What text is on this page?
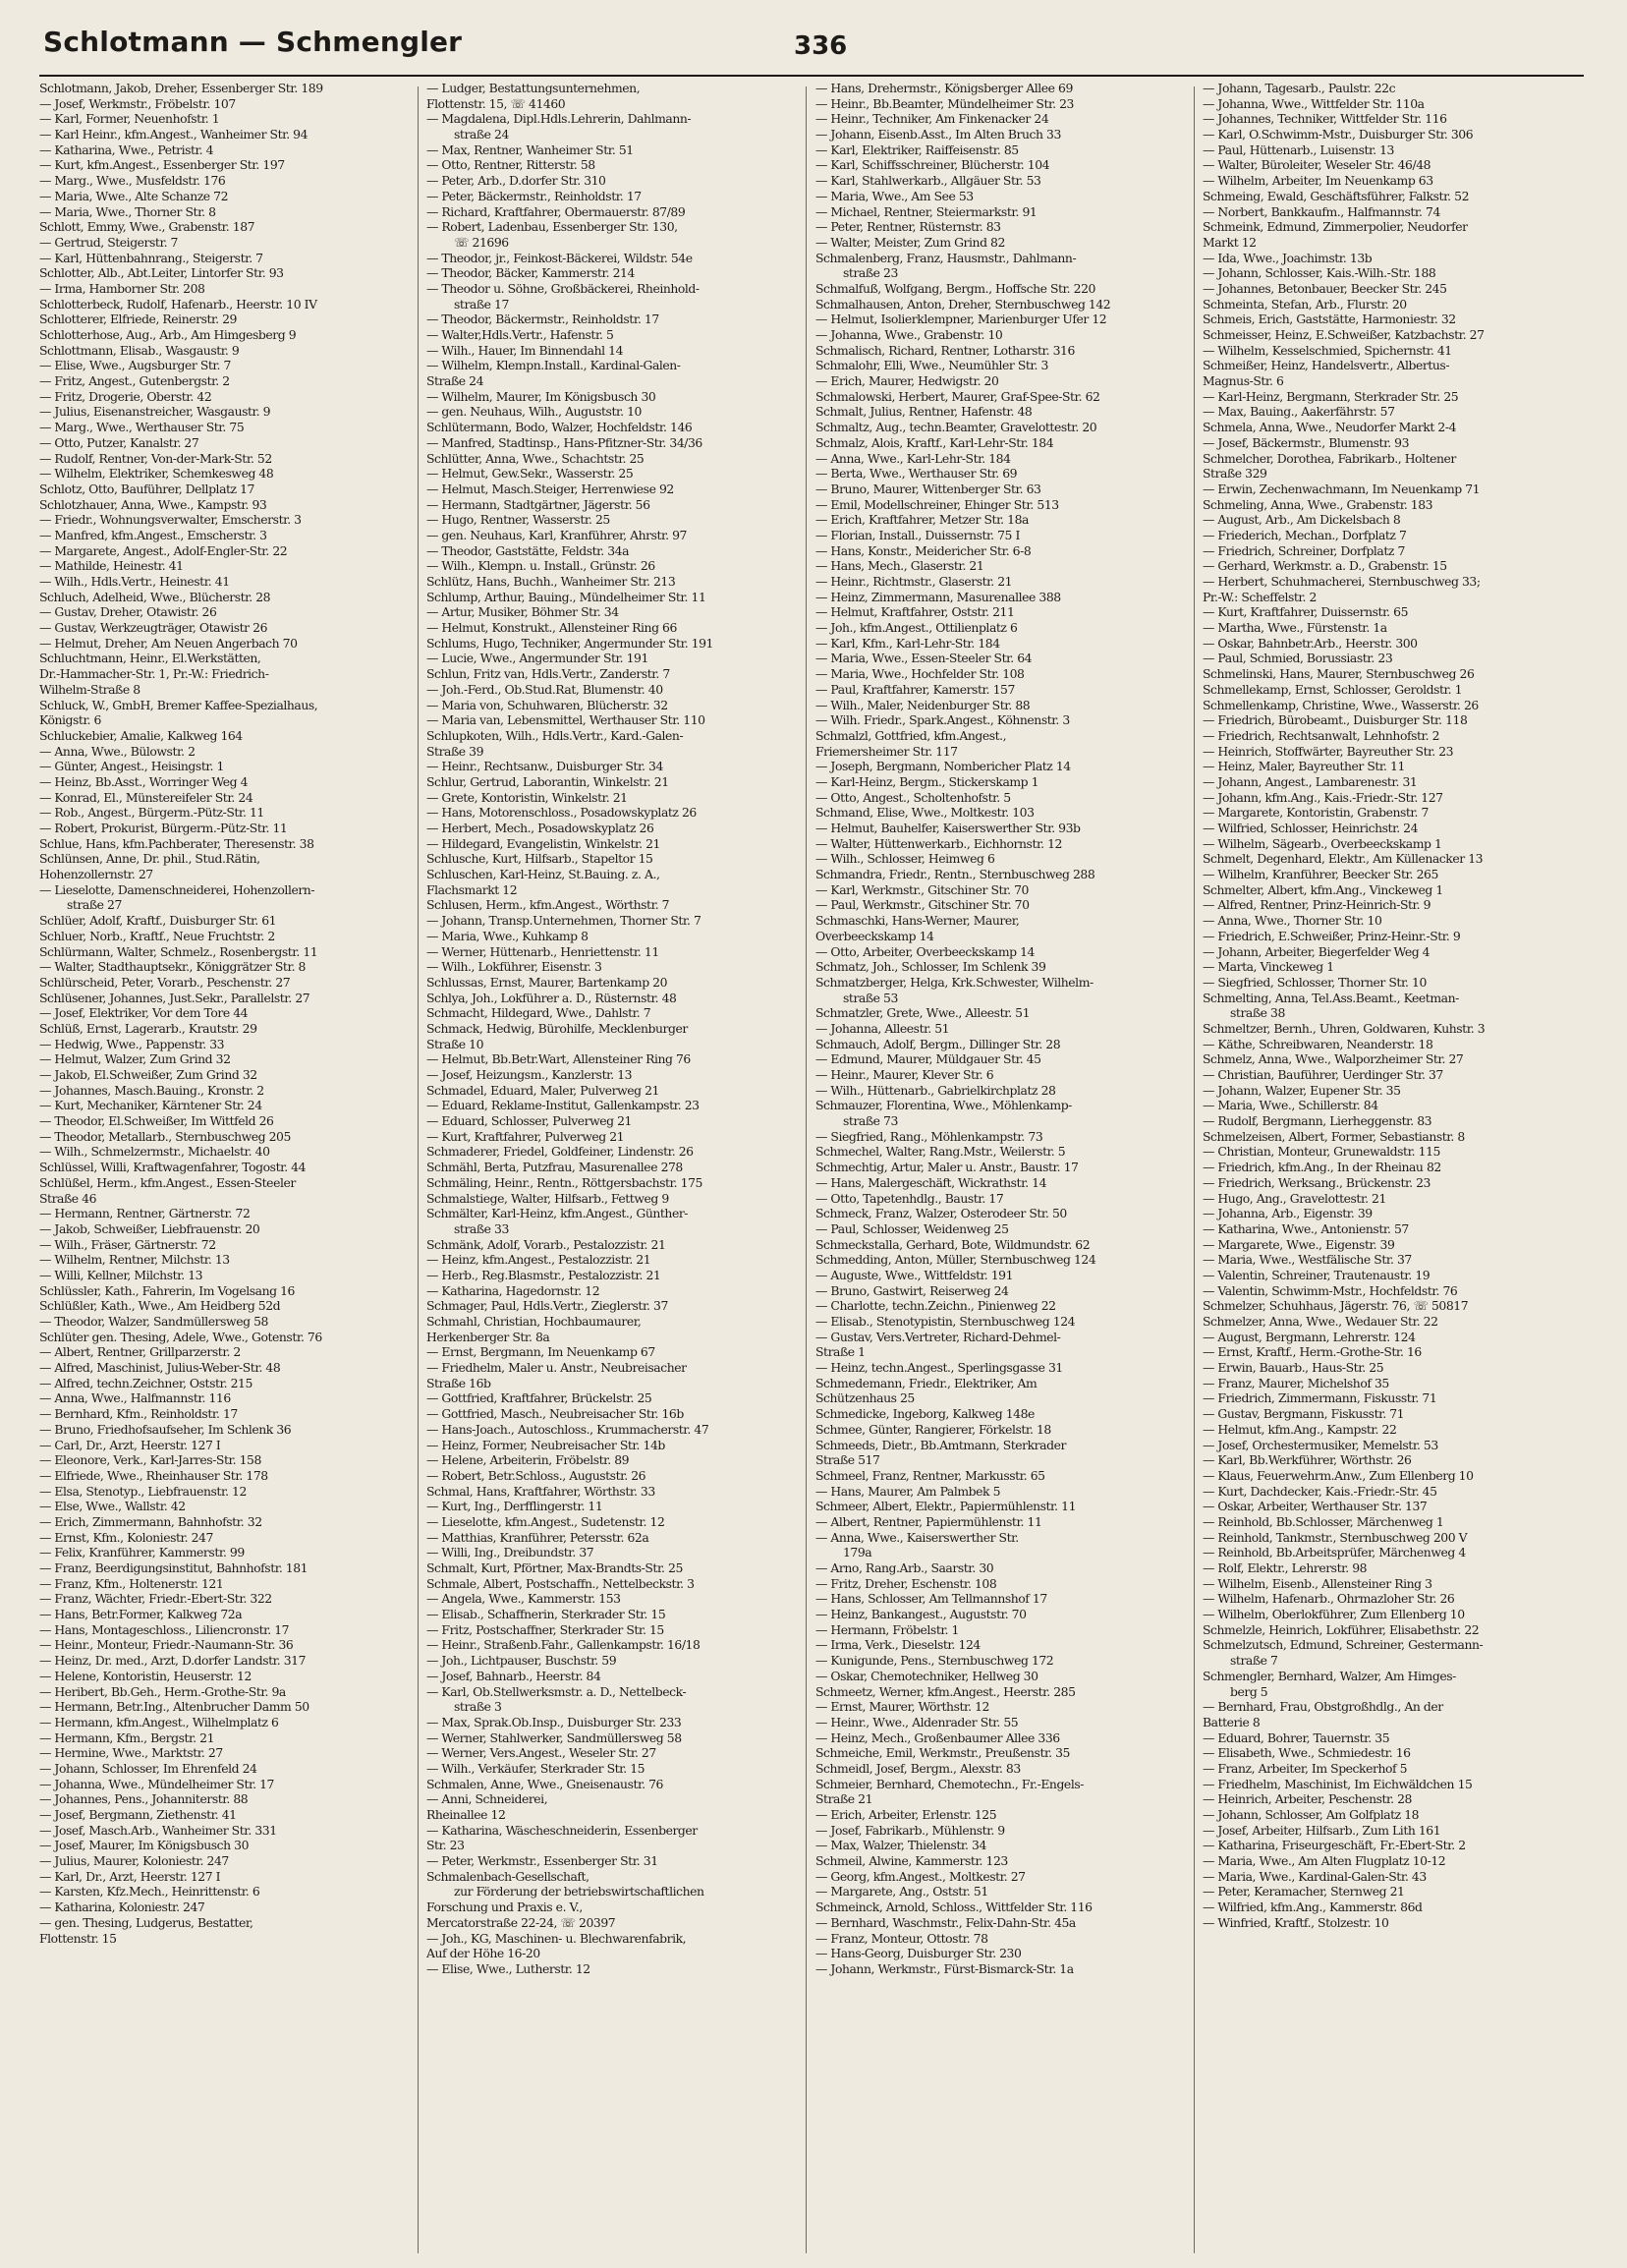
Schlotmann — Schmengler	336
Schlotmann, Jakob, Dreher, Essenberger Str. 189
— Josef, Werkmstr., Fröbelstr. 107
— Karl, Former, Neuenhofstr. 1
— Karl Heinr., kfm.Angest., Wanheimer Str. 94
— Katharina, Wwe., Petristr. 4
— Kurt, kfm.Angest., Essenberger Str. 197
— Marg., Wwe., Musfeldstr. 176
— Maria, Wwe., Alte Schanze 72
— Maria, Wwe., Thorner Str. 8
Schlott, Emmy, Wwe., Grabenstr. 187
— Gertrud, Steigerstr. 7
— Karl, Hüttenbahnrang., Steigerstr. 7
Schlotter, Alb., Abt.Leiter, Lintorfer Str. 93
— Irma, Hamborner Str. 208
Schlotterbeck, Rudolf, Hafenarb., Heerstr. 10 IV
Schlotterer, Elfriede, Reinerstr. 29
Schlotterhose, Aug., Arb., Am Himgesberg 9
Schlottmann, Elisab., Wasgaustr. 9
— Elise, Wwe., Augsburger Str. 7
— Fritz, Angest., Gutenbergstr. 2
— Fritz, Drogerie, Oberstr. 42
— Julius, Eisenanstreicher, Wasgaustr. 9
— Marg., Wwe., Werthauser Str. 75
— Otto, Putzer, Kanalstr. 27
— Rudolf, Rentner, Von-der-Mark-Str. 52
— Wilhelm, Elektriker, Schemkesweg 48
Schlotz, Otto, Bauführer, Dellplatz 17
Schlotzhauer, Anna, Wwe., Kampstr. 93
— Friedr., Wohnungsverwalter, Emscherstr. 3
— Manfred, kfm.Angest., Emscherstr. 3
— Margarete, Angest., Adolf-Engler-Str. 22
— Mathilde, Heinestr. 41
— Wilh., Hdls.Vertr., Heinestr. 41
Schluch, Adelheid, Wwe., Blücherstr. 28
— Gustav, Dreher, Otawistr. 26
— Gustav, Werkzeugträger, Otawistr 26
— Helmut, Dreher, Am Neuen Angerbach 70
Schluchtmann, Heinr., El.Werkstätten,
Dr.-Hammacher-Str. 1, Pr.-W.: Friedrich-
Wilhelm-Straße 8
Schluck, W., GmbH, Bremer Kaffee-Spezialhaus,
Königstr. 6
Schluckebier, Amalie, Kalkweg 164
— Anna, Wwe., Bülowstr. 2
— Günter, Angest., Heisingstr. 1
— Heinz, Bb.Asst., Worringer Weg 4
— Konrad, El., Münstereifeler Str. 24
— Rob., Angest., Bürgerm.-Pütz-Str. 11
— Robert, Prokurist, Bürgerm.-Pütz-Str. 11
Schlue, Hans, kfm.Pachberater, Theresenstr. 38
Schlünsen, Anne, Dr. phil., Stud.Rätin,
Hohenzollernstr. 27
— Lieselotte, Damenschneiderei, Hohenzollern-
straße 27
Schlüer, Adolf, Kraftf., Duisburger Str. 61
Schluer, Norb., Kraftf., Neue Fruchtstr. 2
Schlürmann, Walter, Schmelz., Rosenbergstr. 11
— Walter, Stadthauptsekr., Königgrätzer Str. 8
Schlürscheid, Peter, Vorarb., Peschenstr. 27
Schlüsener, Johannes, Just.Sekr., Parallelstr. 27
— Josef, Elektriker, Vor dem Tore 44
Schlüß, Ernst, Lagerarb., Krautstr. 29
— Hedwig, Wwe., Pappenstr. 33
— Helmut, Walzer, Zum Grind 32
— Jakob, El.Schweißer, Zum Grind 32
— Johannes, Masch.Bauing., Kronstr. 2
— Kurt, Mechaniker, Kärntener Str. 24
— Theodor, El.Schweißer, Im Wittfeld 26
— Theodor, Metallarb., Sternbuschweg 205
— Wilh., Schmelzermstr., Michaelstr. 40
Schlüssel, Willi, Kraftwagenfahrer, Togostr. 44
Schlüßel, Herm., kfm.Angest., Essen-Steeler
Straße 46
— Hermann, Rentner, Gärtnerstr. 72
— Jakob, Schweißer, Liebfrauenstr. 20
— Wilh., Fräser, Gärtnerstr. 72
— Wilhelm, Rentner, Milchstr. 13
— Willi, Kellner, Milchstr. 13
Schlüssler, Kath., Fahrerin, Im Vogelsang 16
Schlüßler, Kath., Wwe., Am Heidberg 52d
— Theodor, Walzer, Sandmüllersweg 58
Schlüter gen. Thesing, Adele, Wwe., Gotenstr. 76
— Albert, Rentner, Grillparzerstr. 2
— Alfred, Maschinist, Julius-Weber-Str. 48
— Alfred, techn.Zeichner, Oststr. 215
— Anna, Wwe., Halfmannstr. 116
— Bernhard, Kfm., Reinholdstr. 17
— Bruno, Friedhofsaufseher, Im Schlenk 36
— Carl, Dr., Arzt, Heerstr. 127 I
— Eleonore, Verk., Karl-Jarres-Str. 158
— Elfriede, Wwe., Rheinhauser Str. 178
— Elsa, Stenotyp., Liebfrauenstr. 12
— Else, Wwe., Wallstr. 42
— Erich, Zimmermann, Bahnhofstr. 32
— Ernst, Kfm., Koloniestr. 247
— Felix, Kranführer, Kammerstr. 99
— Franz, Beerdigungsinstitut, Bahnhofstr. 181
— Franz, Kfm., Holtenerstr. 121
— Franz, Wächter, Friedr.-Ebert-Str. 322
— Hans, Betr.Former, Kalkweg 72a
— Hans, Montageschloss., Liliencronstr. 17
— Heinr., Monteur, Friedr.-Naumann-Str. 36
— Heinz, Dr. med., Arzt, D.dorfer Landstr. 317
— Helene, Kontoristin, Heuserstr. 12
— Heribert, Bb.Geh., Herm.-Grothe-Str. 9a
— Hermann, Betr.Ing., Altenbrucher Damm 50
— Hermann, kfm.Angest., Wilhelmplatz 6
— Hermann, Kfm., Bergstr. 21
— Hermine, Wwe., Marktstr. 27
— Johann, Schlosser, Im Ehrenfeld 24
— Johanna, Wwe., Mündelheimer Str. 17
— Johannes, Pens., Johanniterstr. 88
— Josef, Bergmann, Ziethenstr. 41
— Josef, Masch.Arb., Wanheimer Str. 331
— Josef, Maurer, Im Königsbusch 30
— Julius, Maurer, Koloniestr. 247
— Karl, Dr., Arzt, Heerstr. 127 I
— Karsten, Kfz.Mech., Heinrittenstr. 6
— Katharina, Koloniestr. 247
— gen. Thesing, Ludgerus, Bestatter,
Flottenstr. 15
— Ludger, Bestattungsunternehmen,
Flottenstr. 15, ☏ 41460
— Magdalena, Dipl.Hdls.Lehrerin, Dahlmann-
straße 24
— Max, Rentner, Wanheimer Str. 51
— Otto, Rentner, Ritterstr. 58
— Peter, Arb., D.dorfer Str. 310
— Peter, Bäckermstr., Reinholdstr. 17
— Richard, Kraftfahrer, Obermauerstr. 87/89
— Robert, Ladenbau, Essenberger Str. 130,
☏ 21696
— Theodor, jr., Feinkost-Bäckerei, Wildstr. 54e
— Theodor, Bäcker, Kammerstr. 214
— Theodor u. Söhne, Großbäckerei, Rheinhold-
straße 17
— Theodor, Bäckermstr., Reinholdstr. 17
— Walter,Hdls.Vertr., Hafenstr. 5
— Wilh., Hauer, Im Binnendahl 14
— Wilhelm, Klempn.Install., Kardinal-Galen-
Straße 24
— Wilhelm, Maurer, Im Königsbusch 30
— gen. Neuhaus, Wilh., Auguststr. 10
Schlütermann, Bodo, Walzer, Hochfeldstr. 146
— Manfred, Stadtinsp., Hans-Pfitzner-Str. 34/36
Schlütter, Anna, Wwe., Schachtstr. 25
— Helmut, Gew.Sekr., Wasserstr. 25
— Helmut, Masch.Steiger, Herrenwiese 92
— Hermann, Stadtgärtner, Jägerstr. 56
— Hugo, Rentner, Wasserstr. 25
— gen. Neuhaus, Karl, Kranführer, Ahrstr. 97
— Theodor, Gaststätte, Feldstr. 34a
— Wilh., Klempn. u. Install., Grünstr. 26
Schlütz, Hans, Buchh., Wanheimer Str. 213
Schlump, Arthur, Bauing., Mündelheimer Str. 11
— Artur, Musiker, Böhmer Str. 34
— Helmut, Konstrukt., Allensteiner Ring 66
Schlums, Hugo, Techniker, Angermunder Str. 191
— Lucie, Wwe., Angermunder Str. 191
Schlun, Fritz van, Hdls.Vertr., Zanderstr. 7
— Joh.-Ferd., Ob.Stud.Rat, Blumenstr. 40
— Maria von, Schuhwaren, Blücherstr. 32
— Maria van, Lebensmittel, Werthauser Str. 110
Schlupkoten, Wilh., Hdls.Vertr., Kard.-Galen-
Straße 39
— Heinr., Rechtsanw., Duisburger Str. 34
Schlur, Gertrud, Laborantin, Winkelstr. 21
— Grete, Kontoristin, Winkelstr. 21
— Hans, Motorenschloss., Posadowskyplatz 26
— Herbert, Mech., Posadowskyplatz 26
— Hildegard, Evangelistin, Winkelstr. 21
Schlusche, Kurt, Hilfsarb., Stapeltor 15
Schluschen, Karl-Heinz, St.Bauing. z. A.,
Flachsmarkt 12
Schlusen, Herm., kfm.Angest., Wörthstr. 7
— Johann, Transp.Unternehmen, Thorner Str. 7
— Maria, Wwe., Kuhkamp 8
— Werner, Hüttenarb., Henriettenstr. 11
— Wilh., Lokführer, Eisenstr. 3
Schlussas, Ernst, Maurer, Bartenkamp 20
Schlya, Joh., Lokführer a. D., Rüsternstr. 48
Schmacht, Hildegard, Wwe., Dahlstr. 7
Schmack, Hedwig, Bürohilfe, Mecklenburger
Straße 10
— Helmut, Bb.Betr.Wart, Allensteiner Ring 76
— Josef, Heizungsm., Kanzlerstr. 13
Schmadel, Eduard, Maler, Pulverweg 21
— Eduard, Reklame-Institut, Gallenkampstr. 23
— Eduard, Schlosser, Pulverweg 21
— Kurt, Kraftfahrer, Pulverweg 21
Schmaderer, Friedel, Goldfeiner, Lindenstr. 26
Schmähl, Berta, Putzfrau, Masurenallee 278
Schmäling, Heinr., Rentn., Röttgersbachstr. 175
Schmalstiege, Walter, Hilfsarb., Fettweg 9
Schmälter, Karl-Heinz, kfm.Angest., Günther-
straße 33
Schmänk, Adolf, Vorarb., Pestalozzistr. 21
— Heinz, kfm.Angest., Pestalozzistr. 21
— Herb., Reg.Blasmstr., Pestalozzistr. 21
— Katharina, Hagedornstr. 12
Schmager, Paul, Hdls.Vertr., Zieglerstr. 37
Schmahl, Christian, Hochbaumaurer,
Herkenberger Str. 8a
— Ernst, Bergmann, Im Neuenkamp 67
— Friedhelm, Maler u. Anstr., Neubreisacher
Straße 16b
— Gottfried, Kraftfahrer, Brückelstr. 25
— Gottfried, Masch., Neubreisacher Str. 16b
— Hans-Joach., Autoschloss., Krummacherstr. 47
— Heinz, Former, Neubreisacher Str. 14b
— Helene, Arbeiterin, Fröbelstr. 89
— Robert, Betr.Schloss., Auguststr. 26
Schmal, Hans, Kraftfahrer, Wörthstr. 33
— Kurt, Ing., Derfflingerstr. 11
— Lieselotte, kfm.Angest., Sudetenstr. 12
— Matthias, Kranführer, Petersstr. 62a
— Willi, Ing., Dreibundstr. 37
Schmalt, Kurt, Pförtner, Max-Brandts-Str. 25
Schmale, Albert, Postschaffn., Nettelbeckstr. 3
— Angela, Wwe., Kammerstr. 153
— Elisab., Schaffnerin, Sterkrader Str. 15
— Fritz, Postschaffner, Sterkrader Str. 15
— Heinr., Straßenb.Fahr., Gallenkampstr. 16/18
— Joh., Lichtpauser, Buschstr. 59
— Josef, Bahnarb., Heerstr. 84
— Karl, Ob.Stellwerksmstr. a. D., Nettelbeck-
straße 3
— Max, Sprak.Ob.Insp., Duisburger Str. 233
— Werner, Stahlwerker, Sandmüllersweg 58
— Werner, Vers.Angest., Weseler Str. 27
— Wilh., Verkäufer, Sterkrader Str. 15
Schmalen, Anne, Wwe., Gneisenaustr. 76
— Anni, Schneiderei,
Rheinallee 12
— Katharina, Wäscheschneiderin, Essenberger
Str. 23
— Peter, Werkmstr., Essenberger Str. 31
Schmalenbach-Gesellschaft,
zur Förderung der betriebswirtschaftlichen
Forschung und Praxis e. V.,
Mercatorstraße 22-24, ☏ 20397
— Joh., KG, Maschinen- u. Blechwarenfabrik,
Auf der Höhe 16-20
— Elise, Wwe., Lutherstr. 12
— Hans, Drehermstr., Königsberger Allee 69
— Heinr., Bb.Beamter, Mündelheimer Str. 23
— Heinr., Techniker, Am Finkenacker 24
— Johann, Eisenb.Asst., Im Alten Bruch 33
— Karl, Elektriker, Raiffeisenstr. 85
— Karl, Schiffsschreiner, Blücherstr. 104
— Karl, Stahlwerkarb., Allgäuer Str. 53
— Maria, Wwe., Am See 53
— Michael, Rentner, Steiermarkstr. 91
— Peter, Rentner, Rüsternstr. 83
— Walter, Meister, Zum Grind 82
Schmalenberg, Franz, Hausmstr., Dahlmann-
straße 23
Schmalfuß, Wolfgang, Bergm., Hoffsche Str. 220
Schmalhausen, Anton, Dreher, Sternbuschweg 142
— Helmut, Isolierklempner, Marienburger Ufer 12
— Johanna, Wwe., Grabenstr. 10
Schmalisch, Richard, Rentner, Lotharstr. 316
Schmalohr, Elli, Wwe., Neumühler Str. 3
— Erich, Maurer, Hedwigstr. 20
Schmalowski, Herbert, Maurer, Graf-Spee-Str. 62
Schmalt, Julius, Rentner, Hafenstr. 48
Schmaltz, Aug., techn.Beamter, Gravelottestr. 20
Schmalz, Alois, Kraftf., Karl-Lehr-Str. 184
— Anna, Wwe., Karl-Lehr-Str. 184
— Berta, Wwe., Werthauser Str. 69
— Bruno, Maurer, Wittenberger Str. 63
— Emil, Modellschreiner, Ehinger Str. 513
— Erich, Kraftfahrer, Metzer Str. 18a
— Florian, Install., Duissernstr. 75 I
— Hans, Konstr., Meidericher Str. 6-8
— Hans, Mech., Glaserstr. 21
— Heinr., Richtmstr., Glaserstr. 21
— Heinz, Zimmermann, Masurenallee 388
— Helmut, Kraftfahrer, Oststr. 211
— Joh., kfm.Angest., Ottilienplatz 6
— Karl, Kfm., Karl-Lehr-Str. 184
— Maria, Wwe., Essen-Steeler Str. 64
— Maria, Wwe., Hochfelder Str. 108
— Paul, Kraftfahrer, Kamerstr. 157
— Wilh., Maler, Neidenburger Str. 88
— Wilh. Friedr., Spark.Angest., Köhnenstr. 3
Schmalzl, Gottfried, kfm.Angest.,
Friemersheimer Str. 117
— Joseph, Bergmann, Nombericher Platz 14
— Karl-Heinz, Bergm., Stickerskamp 1
— Otto, Angest., Scholtenhofstr. 5
Schmand, Elise, Wwe., Moltkestr. 103
— Helmut, Bauhelfer, Kaiserswerther Str. 93b
— Walter, Hüttenwerkarb., Eichhornstr. 12
— Wilh., Schlosser, Heimweg 6
Schmandra, Friedr., Rentn., Sternbuschweg 288
— Karl, Werkmstr., Gitschiner Str. 70
— Paul, Werkmstr., Gitschiner Str. 70
Schmaschki, Hans-Werner, Maurer,
Overbeeckskamp 14
— Otto, Arbeiter, Overbeeckskamp 14
Schmatz, Joh., Schlosser, Im Schlenk 39
Schmatzberger, Helga, Krk.Schwester, Wilhelm-
straße 53
Schmatzler, Grete, Wwe., Alleestr. 51
— Johanna, Alleestr. 51
Schmauch, Adolf, Bergm., Dillinger Str. 28
— Edmund, Maurer, Müldgauer Str. 45
— Heinr., Maurer, Klever Str. 6
— Wilh., Hüttenarb., Gabrielkirchplatz 28
Schmauzer, Florentina, Wwe., Möhlenkamp-
straße 73
— Siegfried, Rang., Möhlenkampstr. 73
Schmechel, Walter, Rang.Mstr., Weilerstr. 5
Schmechtig, Artur, Maler u. Anstr., Baustr. 17
— Hans, Malergeschäft, Wickrathstr. 14
— Otto, Tapetenhdlg., Baustr. 17
Schmeck, Franz, Walzer, Osterodeer Str. 50
— Paul, Schlosser, Weidenweg 25
Schmeckstalla, Gerhard, Bote, Wildmundstr. 62
Schmedding, Anton, Müller, Sternbuschweg 124
— Auguste, Wwe., Wittfeldstr. 191
— Bruno, Gastwirt, Reiserweg 24
— Charlotte, techn.Zeichn., Pinienweg 22
— Elisab., Stenotypistin, Sternbuschweg 124
— Gustav, Vers.Vertreter, Richard-Dehmel-
Straße 1
— Heinz, techn.Angest., Sperlingsgasse 31
Schmedemann, Friedr., Elektriker, Am
Schützenhaus 25
Schmedicke, Ingeborg, Kalkweg 148e
Schmee, Günter, Rangierer, Förkelstr. 18
Schmeeds, Dietr., Bb.Amtmann, Sterkrader
Straße 517
Schmeel, Franz, Rentner, Markusstr. 65
— Hans, Maurer, Am Palmbek 5
Schmeer, Albert, Elektr., Papiermühlenstr. 11
— Albert, Rentner, Papiermühlenstr. 11
— Anna, Wwe., Kaiserswerther Str.
179a
— Arno, Rang.Arb., Saarstr. 30
— Fritz, Dreher, Eschenstr. 108
— Hans, Schlosser, Am Tellmannshof 17
— Heinz, Bankangest., Auguststr. 70
— Hermann, Fröbelstr. 1
— Irma, Verk., Dieselstr. 124
— Kunigunde, Pens., Sternbuschweg 172
— Oskar, Chemotechniker, Hellweg 30
Schmeetz, Werner, kfm.Angest., Heerstr. 285
— Ernst, Maurer, Wörthstr. 12
— Heinr., Wwe., Aldenrader Str. 55
— Heinz, Mech., Großenbaumer Allee 336
Schmeiche, Emil, Werkmstr., Preußenstr. 35
Schmeidl, Josef, Bergm., Alexstr. 83
Schmeier, Bernhard, Chemotechn., Fr.-Engels-
Straße 21
— Erich, Arbeiter, Erlenstr. 125
— Josef, Fabrikarb., Mühlenstr. 9
— Max, Walzer, Thielenstr. 34
Schmeil, Alwine, Kammerstr. 123
— Georg, kfm.Angest., Moltkestr. 27
— Margarete, Ang., Oststr. 51
Schmeinck, Arnold, Schloss., Wittfelder Str. 116
— Bernhard, Waschmstr., Felix-Dahn-Str. 45a
— Franz, Monteur, Ottostr. 78
— Hans-Georg, Duisburger Str. 230
— Johann, Werkmstr., Fürst-Bismarck-Str. 1a
— Johann, Tagesarb., Paulstr. 22c
— Johanna, Wwe., Wittfelder Str. 110a
— Johannes, Techniker, Wittfelder Str. 116
— Karl, O.Schwimm-Mstr., Duisburger Str. 306
— Paul, Hüttenarb., Luisenstr. 13
— Walter, Büroleiter, Weseler Str. 46/48
— Wilhelm, Arbeiter, Im Neuenkamp 63
Schmeing, Ewald, Geschäftsführer, Falkstr. 52
— Norbert, Bankkaufm., Halfmannstr. 74
Schmeink, Edmund, Zimmerpolier, Neudorfer
Markt 12
— Ida, Wwe., Joachimstr. 13b
— Johann, Schlosser, Kais.-Wilh.-Str. 188
— Johannes, Betonbauer, Beecker Str. 245
Schmeinta, Stefan, Arb., Flurstr. 20
Schmeis, Erich, Gaststätte, Harmoniestr. 32
Schmeisser, Heinz, E.Schweißer, Katzbachstr. 27
— Wilhelm, Kesselschmied, Spichernstr. 41
Schmeißer, Heinz, Handelsvertr., Albertus-
Magnus-Str. 6
— Karl-Heinz, Bergmann, Sterkrader Str. 25
— Max, Bauing., Aakerfährstr. 57
Schmela, Anna, Wwe., Neudorfer Markt 2-4
— Josef, Bäckermstr., Blumenstr. 93
Schmelcher, Dorothea, Fabrikarb., Holtener
Straße 329
— Erwin, Zechenwachmann, Im Neuenkamp 71
Schmeling, Anna, Wwe., Grabenstr. 183
— August, Arb., Am Dickelsbach 8
— Friederich, Mechan., Dorfplatz 7
— Friedrich, Schreiner, Dorfplatz 7
— Gerhard, Werkmstr. a. D., Grabenstr. 15
— Herbert, Schuhmacherei, Sternbuschweg 33;
Pr.-W.: Scheffelstr. 2
— Kurt, Kraftfahrer, Duissernstr. 65
— Martha, Wwe., Fürstenstr. 1a
— Oskar, Bahnbetr.Arb., Heerstr. 300
— Paul, Schmied, Borussiastr. 23
Schmelinski, Hans, Maurer, Sternbuschweg 26
Schmellekamp, Ernst, Schlosser, Geroldstr. 1
Schmellenkamp, Christine, Wwe., Wasserstr. 26
— Friedrich, Bürobeamt., Duisburger Str. 118
— Friedrich, Rechtsanwalt, Lehnhofstr. 2
— Heinrich, Stoffwärter, Bayreuther Str. 23
— Heinz, Maler, Bayreuther Str. 11
— Johann, Angest., Lambarenestr. 31
— Johann, kfm.Ang., Kais.-Friedr.-Str. 127
— Margarete, Kontoristin, Grabenstr. 7
— Wilfried, Schlosser, Heinrichstr. 24
— Wilhelm, Sägearb., Overbeeckskamp 1
Schmelt, Degenhard, Elektr., Am Küllenacker 13
— Wilhelm, Kranführer, Beecker Str. 265
Schmelter, Albert, kfm.Ang., Vinckeweg 1
— Alfred, Rentner, Prinz-Heinrich-Str. 9
— Anna, Wwe., Thorner Str. 10
— Friedrich, E.Schweißer, Prinz-Heinr.-Str. 9
— Johann, Arbeiter, Biegerfelder Weg 4
— Marta, Vinckeweg 1
— Siegfried, Schlosser, Thorner Str. 10
Schmelting, Anna, Tel.Ass.Beamt., Keetman-
straße 38
Schmeltzer, Bernh., Uhren, Goldwaren, Kuhstr. 3
— Käthe, Schreibwaren, Neanderstr. 18
Schmelz, Anna, Wwe., Walporzheimer Str. 27
— Christian, Bauführer, Uerdinger Str. 37
— Johann, Walzer, Eupener Str. 35
— Maria, Wwe., Schillerstr. 84
— Rudolf, Bergmann, Lierheggenstr. 83
Schmelzeisen, Albert, Former, Sebastianstr. 8
— Christian, Monteur, Grunewaldstr. 115
— Friedrich, kfm.Ang., In der Rheinau 82
— Friedrich, Werksang., Brückenstr. 23
— Hugo, Ang., Gravelottestr. 21
— Johanna, Arb., Eigenstr. 39
— Katharina, Wwe., Antonienstr. 57
— Margarete, Wwe., Eigenstr. 39
— Maria, Wwe., Westfälische Str. 37
— Valentin, Schreiner, Trautenaustr. 19
— Valentin, Schwimm-Mstr., Hochfeldstr. 76
Schmelzer, Schuhhaus, Jägerstr. 76, ☏ 50817
Schmelzer, Anna, Wwe., Wedauer Str. 22
— August, Bergmann, Lehrerstr. 124
— Ernst, Kraftf., Herm.-Grothe-Str. 16
— Erwin, Bauarb., Haus-Str. 25
— Franz, Maurer, Michelshof 35
— Friedrich, Zimmermann, Fiskusstr. 71
— Gustav, Bergmann, Fiskusstr. 71
— Helmut, kfm.Ang., Kampstr. 22
— Josef, Orchestermusiker, Memelstr. 53
— Karl, Bb.Werkführer, Wörthstr. 26
— Klaus, Feuerwehrm.Anw., Zum Ellenberg 10
— Kurt, Dachdecker, Kais.-Friedr.-Str. 45
— Oskar, Arbeiter, Werthauser Str. 137
— Reinhold, Bb.Schlosser, Märchenweg 1
— Reinhold, Tankmstr., Sternbuschweg 200 V
— Reinhold, Bb.Arbeitsprüfer, Märchenweg 4
— Rolf, Elektr., Lehrerstr. 98
— Wilhelm, Eisenb., Allensteiner Ring 3
— Wilhelm, Hafenarb., Ohrmazloher Str. 26
— Wilhelm, Oberlokführer, Zum Ellenberg 10
Schmelzle, Heinrich, Lokführer, Elisabethstr. 22
Schmelzutsch, Edmund, Schreiner, Gestermann-
straße 7
Schmengler, Bernhard, Walzer, Am Himges-
berg 5
— Bernhard, Frau, Obstgroßhdlg., An der
Batterie 8
— Eduard, Bohrer, Tauernstr. 35
— Elisabeth, Wwe., Schmiedestr. 16
— Franz, Arbeiter, Im Speckerhof 5
— Friedhelm, Maschinist, Im Eichwäldchen 15
— Heinrich, Arbeiter, Peschenstr. 28
— Johann, Schlosser, Am Golfplatz 18
— Josef, Arbeiter, Hilfsarb., Zum Lith 161
— Katharina, Friseurgeschäft, Fr.-Ebert-Str. 2
— Maria, Wwe., Am Alten Flugplatz 10-12
— Maria, Wwe., Kardinal-Galen-Str. 43
— Peter, Keramacher, Sternweg 21
— Wilfried, kfm.Ang., Kammerstr. 86d
— Winfried, Kraftf., Stolzestr. 10
